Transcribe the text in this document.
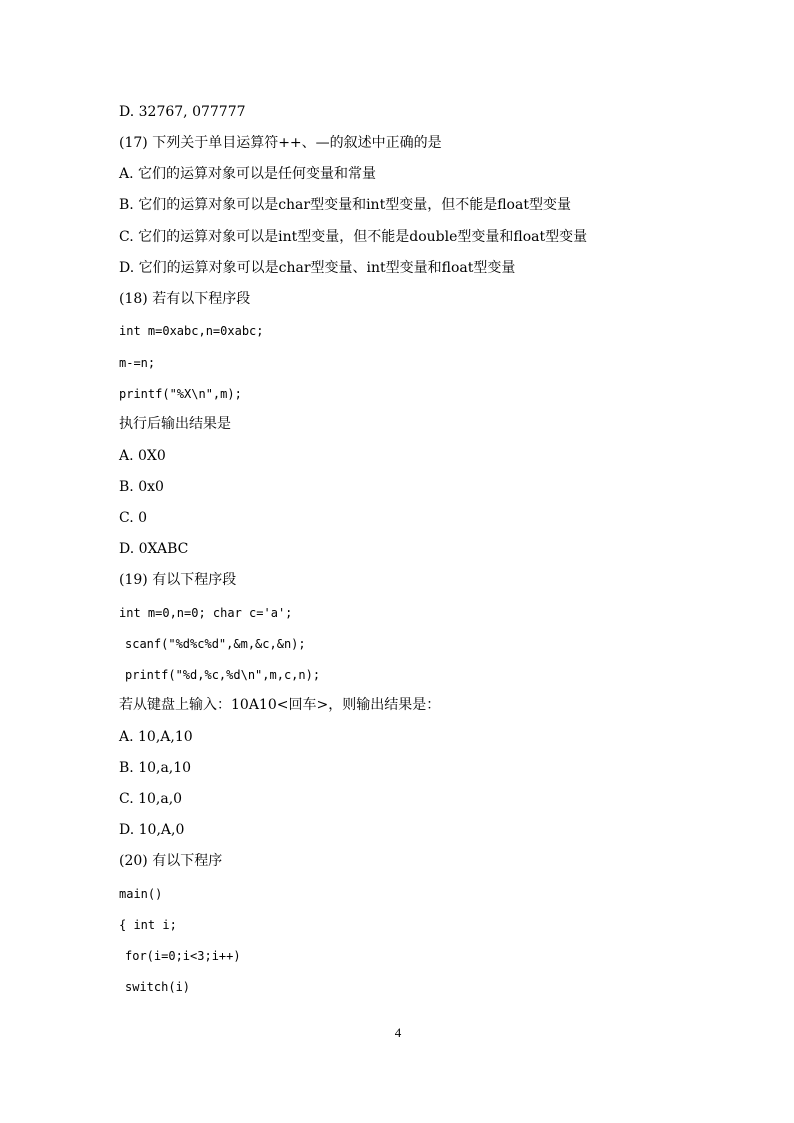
D. 32767, 077777
(17) 下列关于单目运算符++、—的叙述中正确的是
A. 它们的运算对象可以是任何变量和常量
B. 它们的运算对象可以是char型变量和int型变量，但不能是float型变量
C. 它们的运算对象可以是int型变量，但不能是double型变量和float型变量
D. 它们的运算对象可以是char型变量、int型变量和float型变量
(18) 若有以下程序段
int m=0xabc,n=0xabc;
m-=n;
printf("%X\n",m);
执行后输出结果是
A. 0X0
B. 0x0
C. 0
D. 0XABC
(19) 有以下程序段
int m=0,n=0; char c='a';
scanf("%d%c%d",&m,&c,&n);
printf("%d,%c,%d\n",m,c,n);
若从键盘上输入：10A10<回车>，则输出结果是：
A. 10,A,10
B. 10,a,10
C. 10,a,0
D. 10,A,0
(20) 有以下程序
main()
{ int i;
for(i=0;i<3;i++)
switch(i)
4
